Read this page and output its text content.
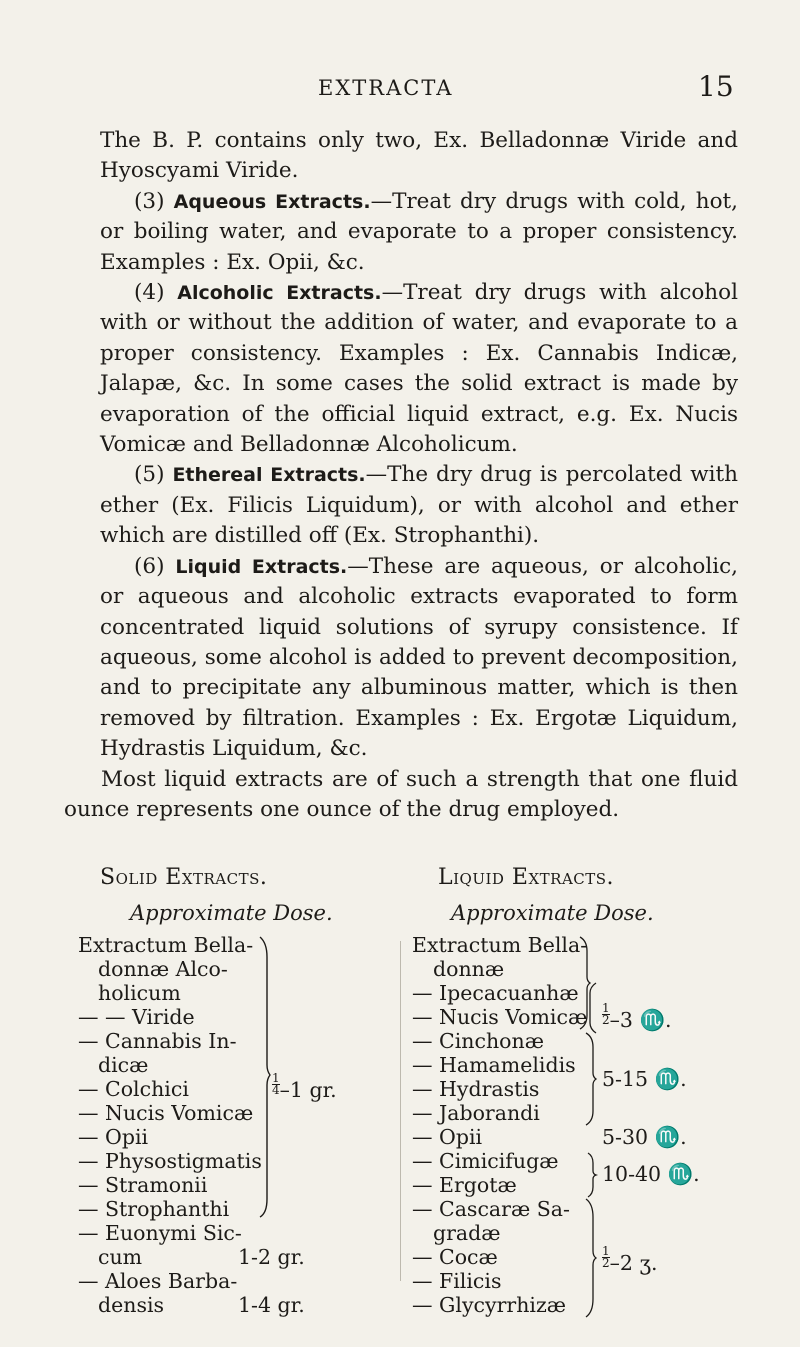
EXTRACTA	15

The B. P. contains only two, Ex. Belladonnæ Viride and Hyoscyami Viride.

(3) Aqueous Extracts.—Treat dry drugs with cold, hot, or boiling water, and evaporate to a proper consistency. Examples : Ex. Opii, &c.

(4) Alcoholic Extracts.—Treat dry drugs with alcohol with or without the addition of water, and evaporate to a proper consistency. Examples : Ex. Cannabis Indicæ, Jalapæ, &c. In some cases the solid extract is made by evaporation of the official liquid extract, e.g. Ex. Nucis Vomicæ and Belladonnæ Alcoholicum.

(5) Ethereal Extracts.—The dry drug is percolated with ether (Ex. Filicis Liquidum), or with alcohol and ether which are distilled off (Ex. Strophanthi).

(6) Liquid Extracts.—These are aqueous, or alcoholic, or aqueous and alcoholic extracts evaporated to form concentrated liquid solutions of syrupy consistence. If aqueous, some alcohol is added to prevent decomposition, and to precipitate any albuminous matter, which is then removed by filtration. Examples : Ex. Ergotæ Liquidum, Hydrastis Liquidum, &c.

Most liquid extracts are of such a strength that one fluid ounce represents one ounce of the drug employed.

Solid Extracts.
Approximate Dose.
Extractum Bella-
donnæ Alco-
holicum
— — Viride
— Cannabis In-
dicæ
— Colchici
— Nucis Vomicæ
— Opii
— Physostigmatis
— Stramonii
— Strophanthi
— Euonymi Sic-
cum
— Aloes Barba-
densis
$\frac{1}{4}-1$ gr.
1-2 gr.
1-4 gr.
Liquid Extracts.
Approximate Dose.
Extractum Bella-
donnæ
— Ipecacuanhæ
— Nucis Vomicæ
— Cinchonæ
— Hamamelidis
— Hydrastis
— Jaborandi
— Opii
— Cimicifugæ
— Ergotæ
— Cascaræ Sa-
gradæ
— Cocæ
— Filicis
— Glycyrrhizæ
$\frac{1}{2}-3$ ♏.
5-15 ♏.
5-30 ♏.
10-40 ♏.
$\frac{1}{2}-2$ ʒ.
